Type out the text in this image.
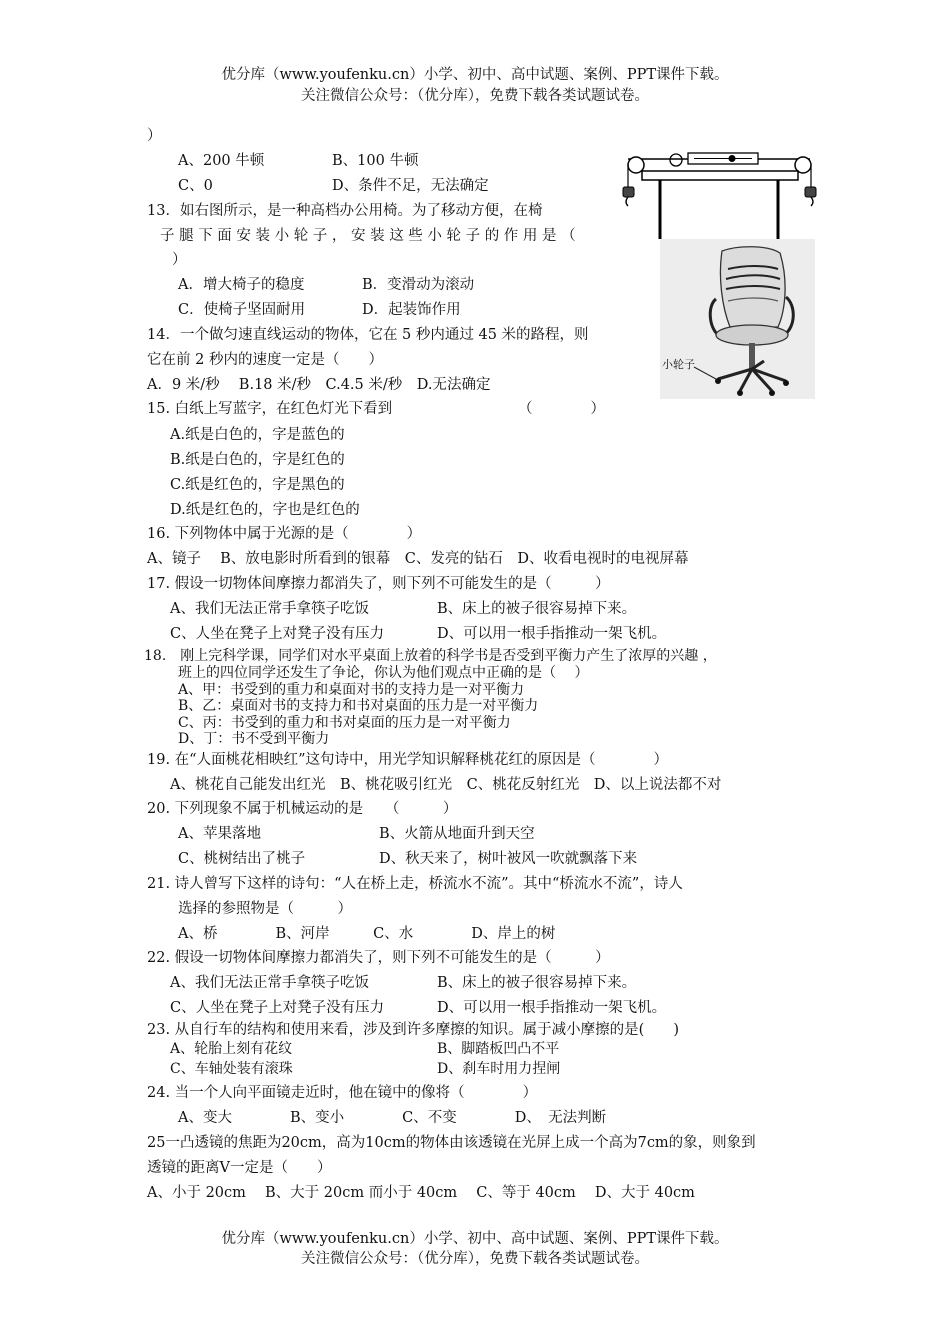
优分库（www.youfenku.cn）小学、初中、高中试题、案例、PPT课件下载。
关注微信公众号：（优分库），免费下载各类试题试卷。
）
A、200 牛顿	B、100 牛顿
C、0	D、条件不足，无法确定
13．如右图所示，是一种高档办公用椅。为了移动方便，在椅
子腿下面安装小轮子，安装这些小轮子的作用是（
）
A．增大椅子的稳度	B．变滑动为滚动
C．使椅子坚固耐用	D．起装饰作用
小轮子
14．一个做匀速直线运动的物体，它在 5 秒内通过 45 米的路程，则
它在前 2 秒内的速度一定是（　　）
A．9 米/秒　 B.18 米/秒　C.4.5 米/秒　D.无法确定
15. 白纸上写蓝字，在红色灯光下看到	（　　　　）
A.纸是白色的，字是蓝色的
B.纸是白色的，字是红色的
C.纸是红色的，字是黑色的
D.纸是红色的，字也是红色的
16. 下列物体中属于光源的是（　　　　）
A、镜子　 B、放电影时所看到的银幕　C、发亮的钻石　D、收看电视时的电视屏幕
17. 假设一切物体间摩擦力都消失了，则下列不可能发生的是（　　　）
A、我们无法正常手拿筷子吃饭	B、床上的被子很容易掉下来。
C、人坐在凳子上对凳子没有压力	D、可以用一根手指推动一架飞机。
18.　刚上完科学课，同学们对水平桌面上放着的科学书是否受到平衡力产生了浓厚的兴趣 ，
班上的四位同学还发生了争论，你认为他们观点中正确的是（　 ）
A、甲：书受到的重力和桌面对书的支持力是一对平衡力
B、乙：桌面对书的支持力和书对桌面的压力是一对平衡力
C、丙：书受到的重力和书对桌面的压力是一对平衡力
D、丁：书不受到平衡力
19. 在“人面桃花相映红”这句诗中，用光学知识解释桃花红的原因是（　　　　）
A、桃花自己能发出红光　B、桃花吸引红光　C、桃花反射红光　D、以上说法都不对
20. 下列现象不属于机械运动的是　　（　　　）
A、苹果落地	B、火箭从地面升到天空
C、桃树结出了桃子	D、秋天来了，树叶被风一吹就飘落下来
21. 诗人曾写下这样的诗句：“人在桥上走，桥流水不流”。其中“桥流水不流”，诗人
选择的参照物是（　　　）
A、桥　　　　B、河岸　　　C、水　　　　D、岸上的树
22. 假设一切物体间摩擦力都消失了，则下列不可能发生的是（　　　）
A、我们无法正常手拿筷子吃饭	B、床上的被子很容易掉下来。
C、人坐在凳子上对凳子没有压力	D、可以用一根手指推动一架飞机。
23. 从自行车的结构和使用来看，涉及到许多摩擦的知识。属于减小摩擦的是(　　)
A、轮胎上刻有花纹	B、脚踏板凹凸不平
C、车轴处装有滚珠	D、刹车时用力捏闸
24. 当一个人向平面镜走近时，他在镜中的像将（　　　　）
A、变大　　　　B、变小　　　　C、不变　　　　D、　无法判断
25一凸透镜的焦距为20cm，高为10cm的物体由该透镜在光屏上成一个高为7cm的象，则象到
透镜的距离V一定是（　　）
A、小于 20cm　 B、大于 20cm 而小于 40cm　 C、等于 40cm　 D、大于 40cm
优分库（www.youfenku.cn）小学、初中、高中试题、案例、PPT课件下载。
关注微信公众号：（优分库），免费下载各类试题试卷。
